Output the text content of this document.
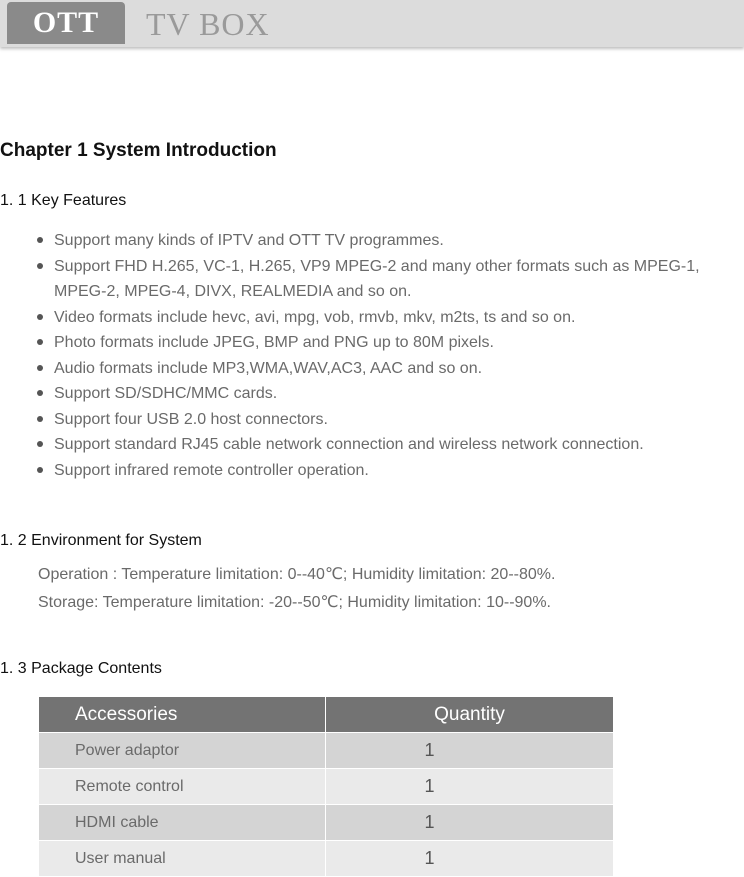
OTT	TV BOX
Chapter 1 System Introduction
1. 1 Key Features
Support many kinds of IPTV and OTT TV programmes.
Support FHD H.265, VC-1, H.265, VP9 MPEG-2 and many other formats such as MPEG-1, MPEG-2, MPEG-4, DIVX, REALMEDIA and so on.
Video formats include hevc, avi, mpg, vob, rmvb, mkv, m2ts, ts and so on.
Photo formats include JPEG, BMP and PNG up to 80M pixels.
Audio formats include MP3,WMA,WAV,AC3, AAC and so on.
Support SD/SDHC/MMC cards.
Support four USB 2.0 host connectors.
Support standard RJ45 cable network connection and wireless network connection.
Support infrared remote controller operation.
1. 2 Environment for System
Operation : Temperature limitation: 0--40℃; Humidity limitation: 20--80%.
Storage: Temperature limitation: -20--50℃; Humidity limitation: 10--90%.
1. 3 Package Contents
Accessories	Quantity
Power adaptor	1
Remote control	1
HDMI cable	1
User manual	1
